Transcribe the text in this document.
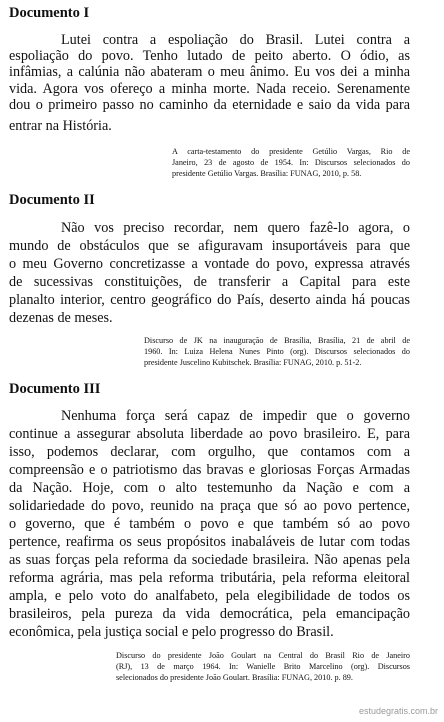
Documento I
Lutei contra a espoliação do Brasil. Lutei contra a
espoliação do povo. Tenho lutado de peito aberto. O ódio, as
infâmias, a calúnia não abateram o meu ânimo. Eu vos dei a minha
vida. Agora vos ofereço a minha morte. Nada receio. Serenamente
dou o primeiro passo no caminho da eternidade e saio da vida para
entrar na História.
A carta-testamento do presidente Getúlio Vargas, Rio de
Janeiro, 23 de agosto de 1954. In: Discursos selecionados do
presidente Getúlio Vargas. Brasília: FUNAG, 2010, p. 58.
Documento II
Não vos preciso recordar, nem quero fazê-lo agora, o
mundo de obstáculos que se afiguravam insuportáveis para que
o meu Governo concretizasse a vontade do povo, expressa através
de sucessivas constituições, de transferir a Capital para este
planalto interior, centro geográfico do País, deserto ainda há poucas
dezenas de meses.
Discurso de JK na inauguração de Brasília, Brasília, 21 de abril de
1960. In: Luiza Helena Nunes Pinto (org). Discursos selecionados do
presidente Juscelino Kubitschek. Brasília: FUNAG, 2010. p. 51-2.
Documento III
Nenhuma força será capaz de impedir que o governo
continue a assegurar absoluta liberdade ao povo brasileiro. E, para
isso, podemos declarar, com orgulho, que contamos com a
compreensão e o patriotismo das bravas e gloriosas Forças Armadas
da Nação. Hoje, com o alto testemunho da Nação e com a
solidariedade do povo, reunido na praça que só ao povo pertence,
o governo, que é também o povo e que também só ao povo
pertence, reafirma os seus propósitos inabaláveis de lutar com todas
as suas forças pela reforma da sociedade brasileira. Não apenas pela
reforma agrária, mas pela reforma tributária, pela reforma eleitoral
ampla, e pelo voto do analfabeto, pela elegibilidade de todos os
brasileiros, pela pureza da vida democrática, pela emancipação
econômica, pela justiça social e pelo progresso do Brasil.
Discurso do presidente João Goulart na Central do Brasil Rio de Janeiro
(RJ), 13 de março 1964. In: Wanielle Brito Marcelino (org). Discursos
selecionados do presidente João Goulart. Brasília: FUNAG, 2010. p. 89.
estudegratis.com.br
